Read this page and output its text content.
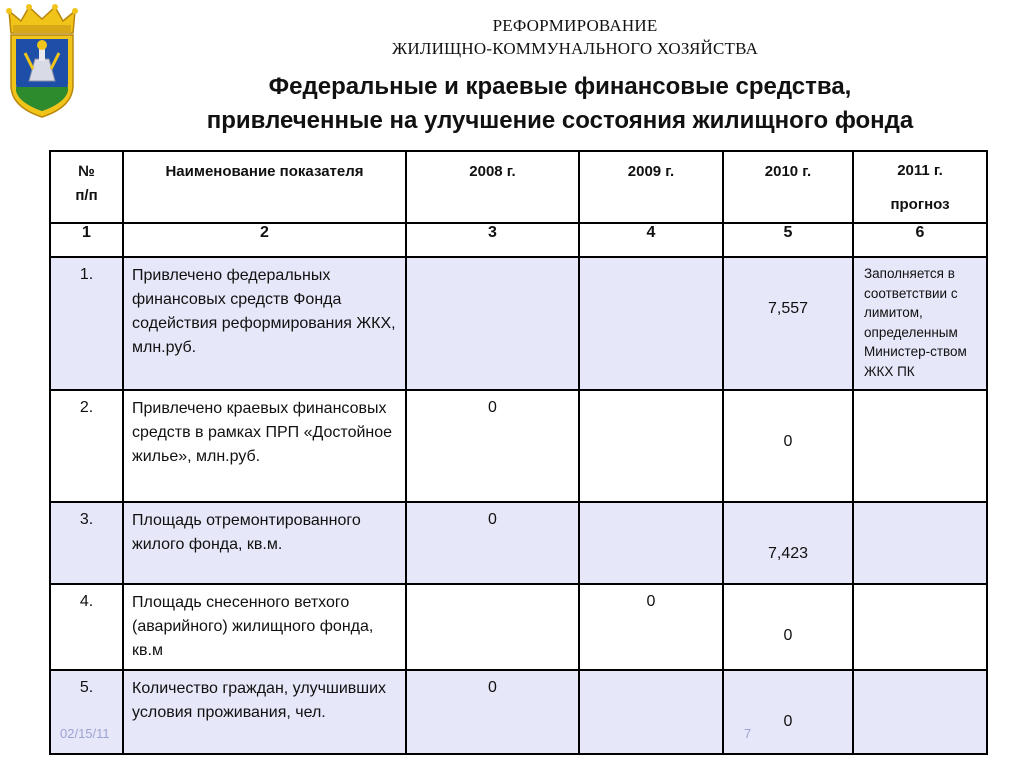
РЕФОРМИРОВАНИЕ
ЖИЛИЩНО-КОММУНАЛЬНОГО ХОЗЯЙСТВА
Федеральные и краевые финансовые средства,
привлеченные на улучшение состояния жилищного фонда
№
п/п	Наименование показателя	2008 г.	2009 г.	2010 г.	2011 г.
прогноз

1	2	3	4	5	6
1.	Привлечено федеральных финансовых средств Фонда содействия реформирования ЖКХ, млн.руб.			7,557	Заполняется в соответствии с лимитом, определенным Министер-ством ЖКХ ПК
2.	Привлечено краевых финансовых средств в рамках ПРП «Достойное жилье», млн.руб.	0		0	
3.	Площадь отремонтированного жилого фонда, кв.м.	0		7,423	
4.	Площадь снесенного ветхого (аварийного) жилищного фонда, кв.м		0	0	
5.	Количество граждан, улучшивших условия проживания, чел.	0		0	
02/15/11	7
